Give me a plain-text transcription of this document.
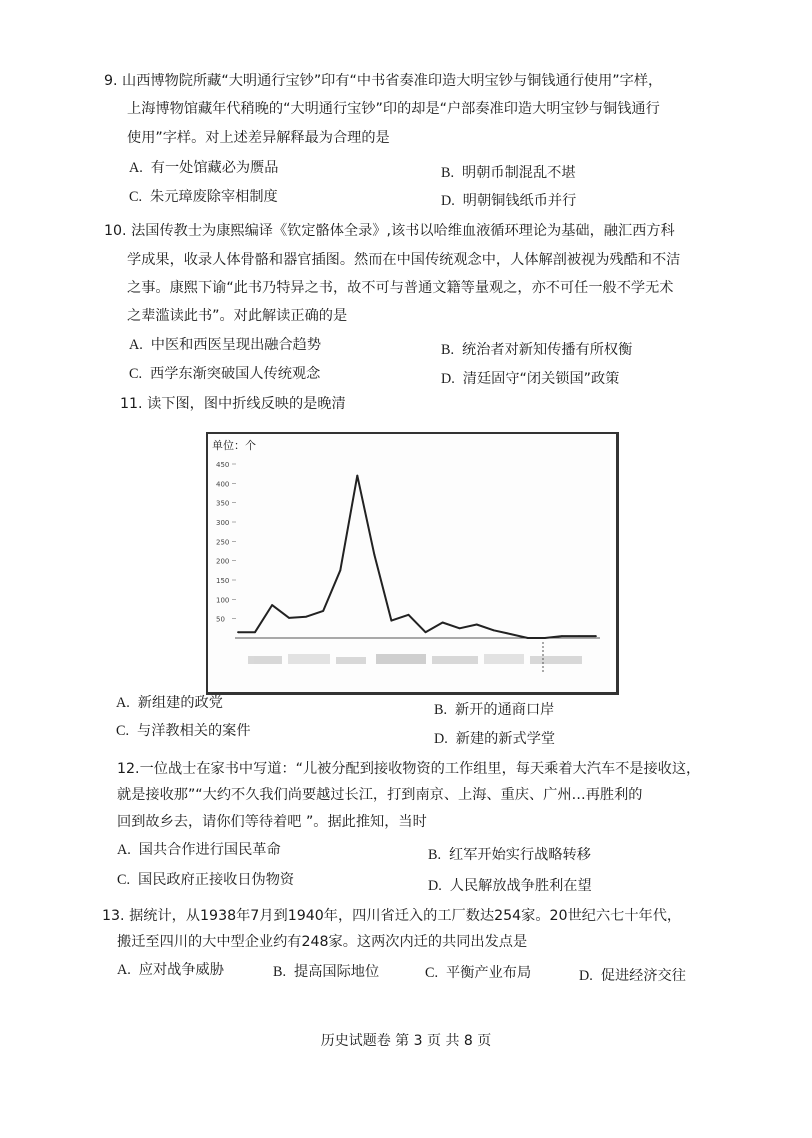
9. 山西博物院所藏“大明通行宝钞”印有“中书省奏准印造大明宝钞与铜钱通行使用”字样，
上海博物馆藏年代稍晚的“大明通行宝钞”印的却是“户部奏准印造大明宝钞与铜钱通行
使用”字样。对上述差异解释最为合理的是
A. 有一处馆藏必为赝品	B. 明朝币制混乱不堪
C. 朱元璋废除宰相制度	D. 明朝铜钱纸币并行
10. 法国传教士为康熙编译《钦定骼体全录》,该书以哈维血液循环理论为基础，融汇西方科
学成果，收录人体骨骼和器官插图。然而在中国传统观念中，人体解剖被视为残酷和不洁
之事。康熙下谕“此书乃特异之书，故不可与普通文籍等量观之，亦不可任一般不学无术
之辈滥读此书”。对此解读正确的是
A. 中医和西医呈现出融合趋势	B. 统治者对新知传播有所权衡
C. 西学东渐突破国人传统观念	D. 清廷固守“闭关锁国”政策
11. 读下图，图中折线反映的是晚清
单位：个
450
400
350
300
250
200
150
100
50
A. 新组建的政党	B. 新开的通商口岸
C. 与洋教相关的案件	D. 新建的新式学堂
12.一位战士在家书中写道：“儿被分配到接收物资的工作组里，每天乘着大汽车不是接收这，
就是接收那”“大约不久我们尚要越过长江，打到南京、上海、重庆、广州…再胜利的
回到故乡去，请你们等待着吧 ”。据此推知，当时
A. 国共合作进行国民革命	B. 红军开始实行战略转移
C. 国民政府正接收日伪物资	D. 人民解放战争胜利在望
13. 据统计，从1938年7月到1940年，四川省迁入的工厂数达254家。20世纪六七十年代，
搬迁至四川的大中型企业约有248家。这两次内迁的共同出发点是
A. 应对战争威胁	B. 提高国际地位	C. 平衡产业布局	D. 促进经济交往
历史试题卷 第 3 页 共 8 页
